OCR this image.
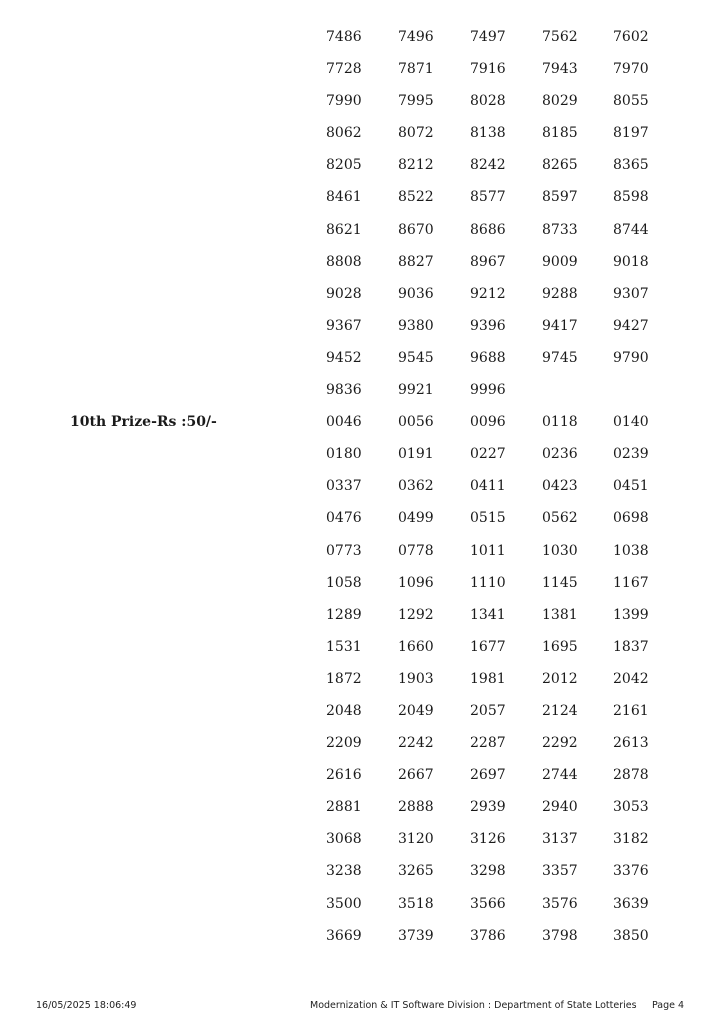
7486	7496	7497	7562	7602
7728	7871	7916	7943	7970
7990	7995	8028	8029	8055
8062	8072	8138	8185	8197
8205	8212	8242	8265	8365
8461	8522	8577	8597	8598
8621	8670	8686	8733	8744
8808	8827	8967	9009	9018
9028	9036	9212	9288	9307
9367	9380	9396	9417	9427
9452	9545	9688	9745	9790
9836	9921	9996
10th Prize-Rs :50/-	0046	0056	0096	0118	0140
0180	0191	0227	0236	0239
0337	0362	0411	0423	0451
0476	0499	0515	0562	0698
0773	0778	1011	1030	1038
1058	1096	1110	1145	1167
1289	1292	1341	1381	1399
1531	1660	1677	1695	1837
1872	1903	1981	2012	2042
2048	2049	2057	2124	2161
2209	2242	2287	2292	2613
2616	2667	2697	2744	2878
2881	2888	2939	2940	3053
3068	3120	3126	3137	3182
3238	3265	3298	3357	3376
3500	3518	3566	3576	3639
3669	3739	3786	3798	3850
16/05/2025 18:06:49	Modernization & IT Software Division : Department of State Lotteries Page 4
